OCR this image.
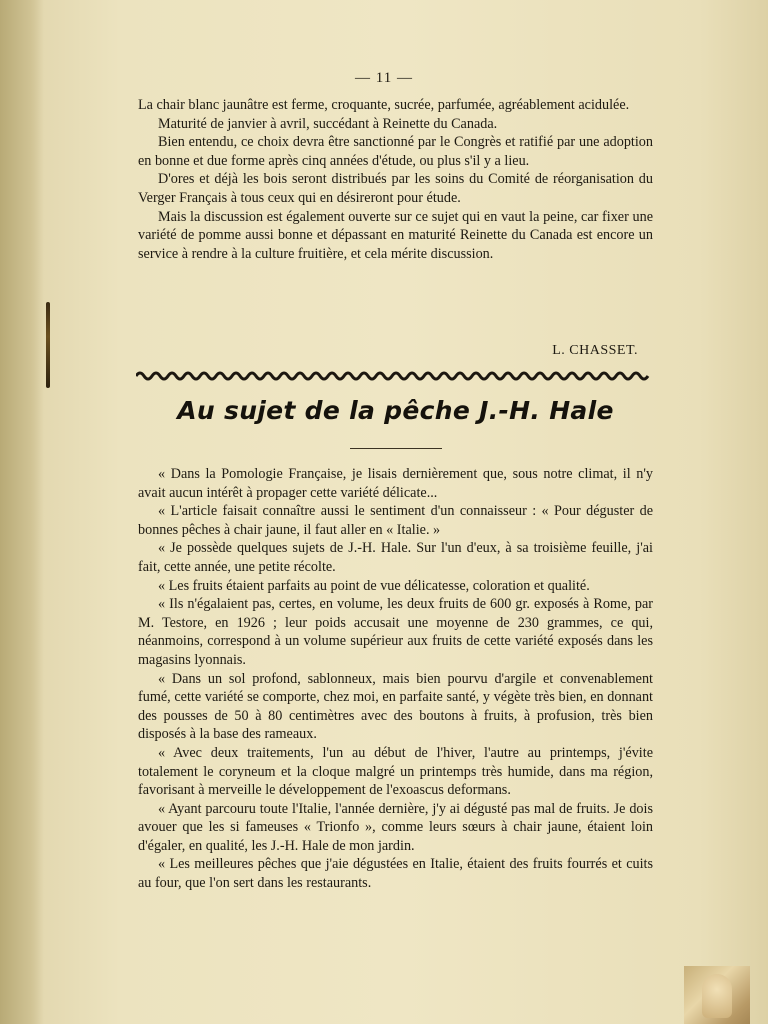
— 11 —

La chair blanc jaunâtre est ferme, croquante, sucrée, parfumée, agréablement acidulée.

Maturité de janvier à avril, succédant à Reinette du Canada.

Bien entendu, ce choix devra être sanctionné par le Congrès et ratifié par une adoption en bonne et due forme après cinq années d'étude, ou plus s'il y a lieu.

D'ores et déjà les bois seront distribués par les soins du Comité de réorganisation du Verger Français à tous ceux qui en désireront pour étude.

Mais la discussion est également ouverte sur ce sujet qui en vaut la peine, car fixer une variété de pomme aussi bonne et dépassant en maturité Reinette du Canada est encore un service à rendre à la culture fruitière, et cela mérite discussion.

L. CHASSET.
Au sujet de la pêche J.-H. Hale

« Dans la Pomologie Française, je lisais dernièrement que, sous notre climat, il n'y avait aucun intérêt à propager cette variété délicate...

« L'article faisait connaître aussi le sentiment d'un connaisseur : « Pour déguster de bonnes pêches à chair jaune, il faut aller en « Italie. »

« Je possède quelques sujets de J.-H. Hale. Sur l'un d'eux, à sa troisième feuille, j'ai fait, cette année, une petite récolte.

« Les fruits étaient parfaits au point de vue délicatesse, coloration et qualité.

« Ils n'égalaient pas, certes, en volume, les deux fruits de 600 gr. exposés à Rome, par M. Testore, en 1926 ; leur poids accusait une moyenne de 230 grammes, ce qui, néanmoins, correspond à un volume supérieur aux fruits de cette variété exposés dans les magasins lyonnais.

« Dans un sol profond, sablonneux, mais bien pourvu d'argile et convenablement fumé, cette variété se comporte, chez moi, en parfaite santé, y végète très bien, en donnant des pousses de 50 à 80 centimètres avec des boutons à fruits, à profusion, très bien disposés à la base des rameaux.

« Avec deux traitements, l'un au début de l'hiver, l'autre au printemps, j'évite totalement le coryneum et la cloque malgré un printemps très humide, dans ma région, favorisant à merveille le développement de l'exoascus deformans.

« Ayant parcouru toute l'Italie, l'année dernière, j'y ai dégusté pas mal de fruits. Je dois avouer que les si fameuses « Trionfo », comme leurs sœurs à chair jaune, étaient loin d'égaler, en qualité, les J.-H. Hale de mon jardin.

« Les meilleures pêches que j'aie dégustées en Italie, étaient des fruits fourrés et cuits au four, que l'on sert dans les restaurants.
